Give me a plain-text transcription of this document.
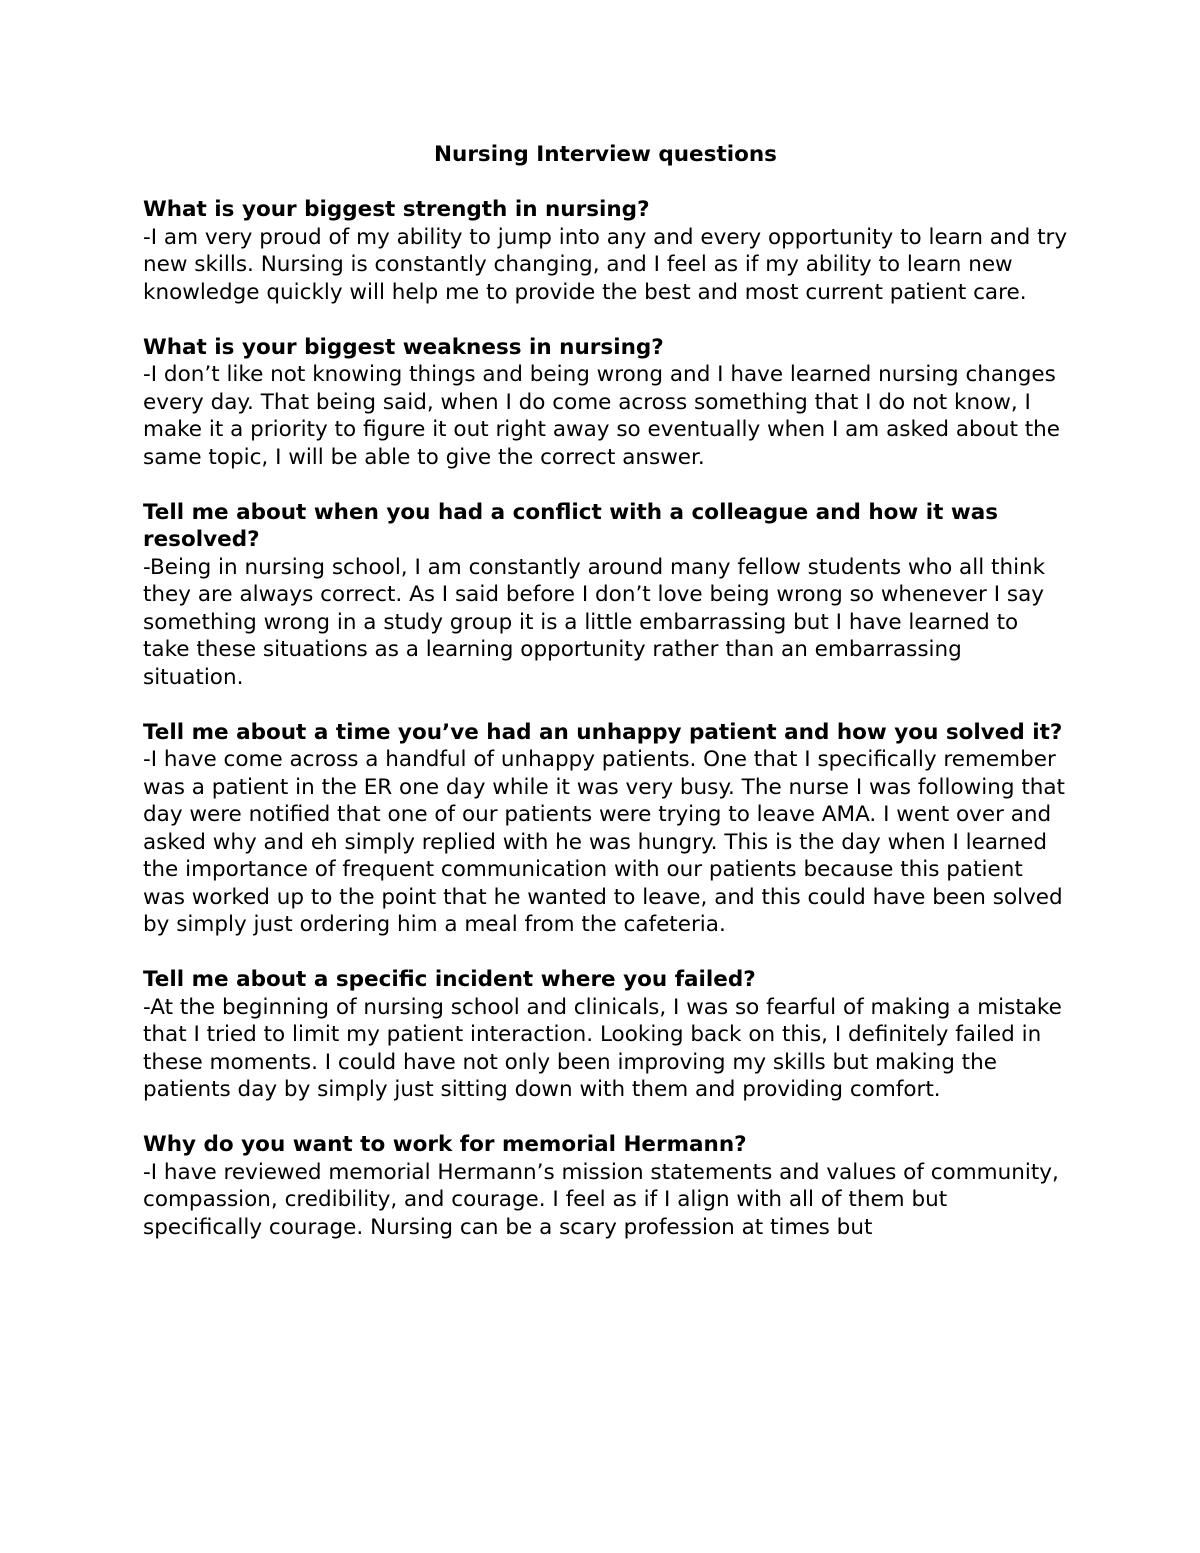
Nursing Interview questions

What is your biggest strength in nursing?

-I am very proud of my ability to jump into any and every opportunity to learn and try new skills. Nursing is constantly changing, and I feel as if my ability to learn new knowledge quickly will help me to provide the best and most current patient care.

What is your biggest weakness in nursing?

-I don’t like not knowing things and being wrong and I have learned nursing changes every day. That being said, when I do come across something that I do not know, I make it a priority to figure it out right away so eventually when I am asked about the same topic, I will be able to give the correct answer.

Tell me about when you had a conflict with a colleague and how it was resolved?

-Being in nursing school, I am constantly around many fellow students who all think they are always correct. As I said before I don’t love being wrong so whenever I say something wrong in a study group it is a little embarrassing but I have learned to take these situations as a learning opportunity rather than an embarrassing situation.

Tell me about a time you’ve had an unhappy patient and how you solved it?

-I have come across a handful of unhappy patients. One that I specifically remember was a patient in the ER one day while it was very busy. The nurse I was following that day were notified that one of our patients were trying to leave AMA. I went over and asked why and eh simply replied with he was hungry. This is the day when I learned the importance of frequent communication with our patients because this patient was worked up to the point that he wanted to leave, and this could have been solved by simply just ordering him a meal from the cafeteria.

Tell me about a specific incident where you failed?

-At the beginning of nursing school and clinicals, I was so fearful of making a mistake that I tried to limit my patient interaction. Looking back on this, I definitely failed in these moments. I could have not only been improving my skills but making the patients day by simply just sitting down with them and providing comfort.

Why do you want to work for memorial Hermann?

-I have reviewed memorial Hermann’s mission statements and values of community, compassion, credibility, and courage. I feel as if I align with all of them but specifically courage. Nursing can be a scary profession at times but
